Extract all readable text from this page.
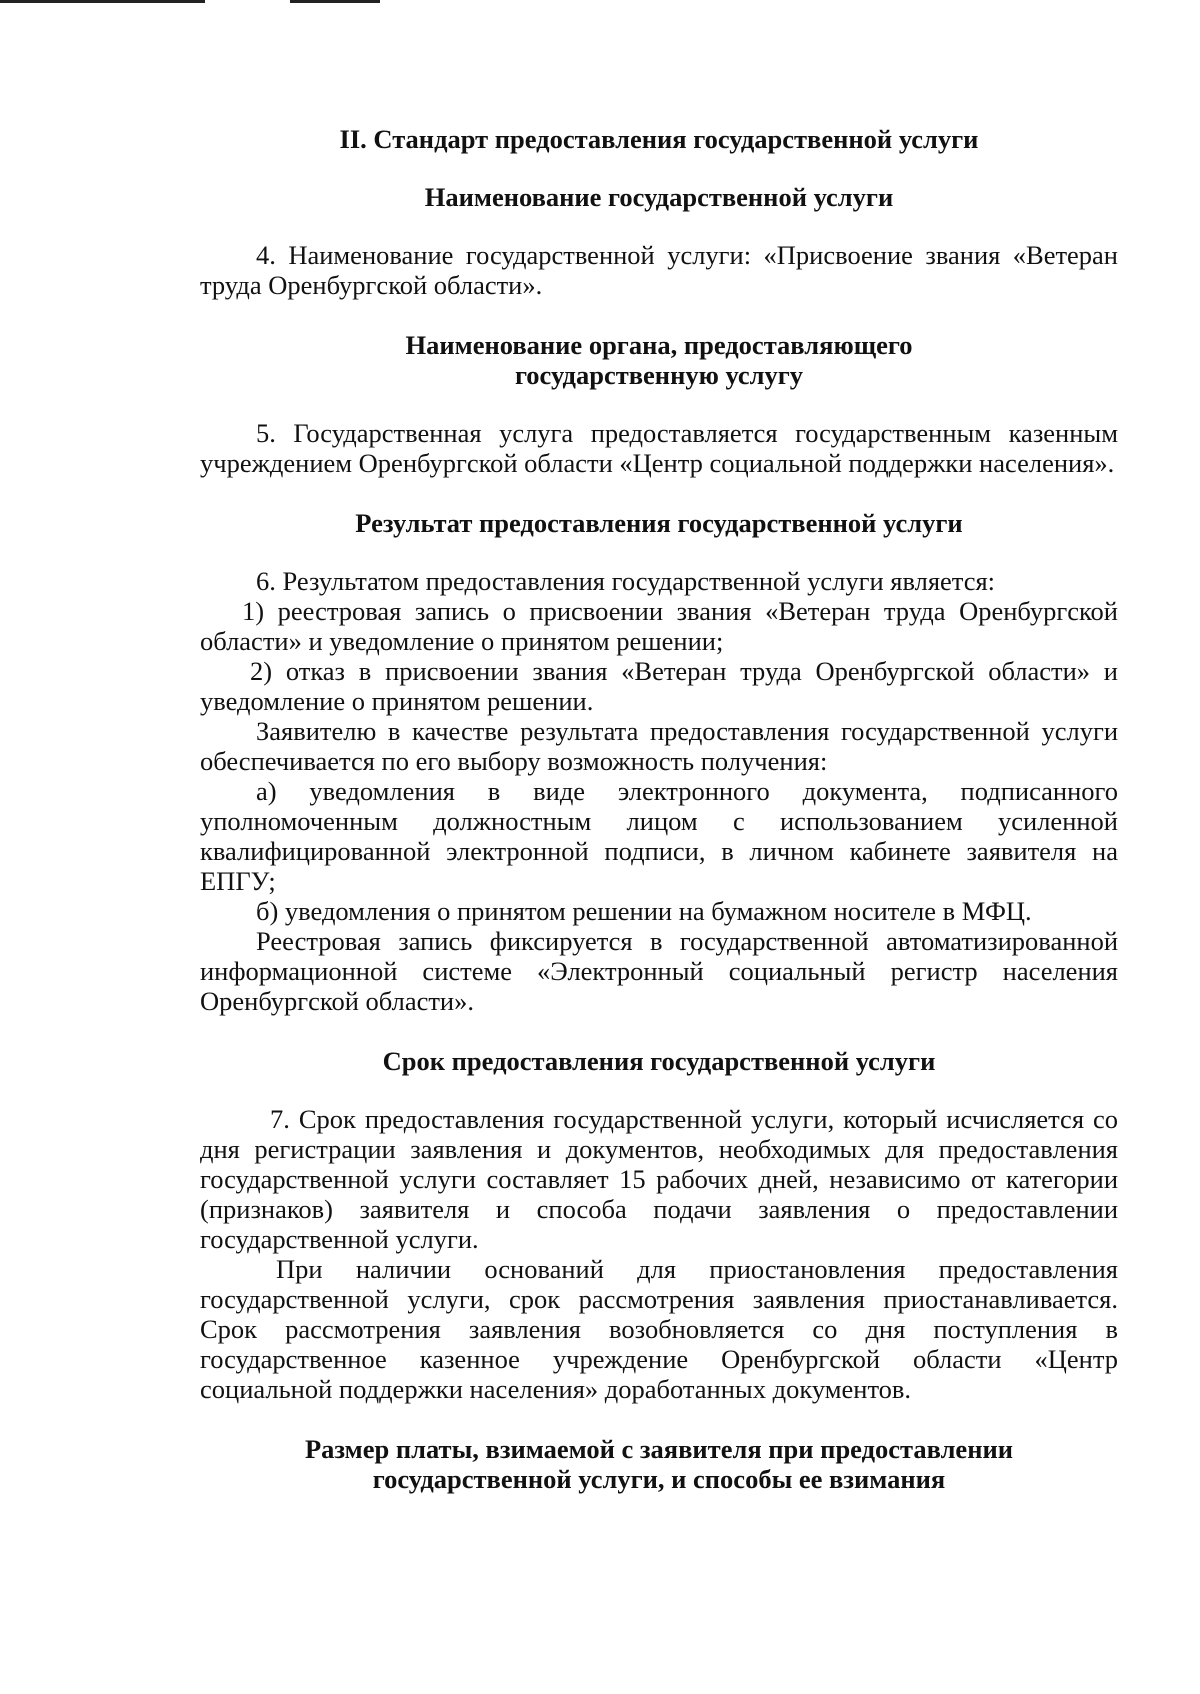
II. Стандарт предоставления государственной услуги

Наименование государственной услуги

4. Наименование государственной услуги: «Присвоение звания «Ветеран труда Оренбургской области».

Наименование органа, предоставляющего

государственную услугу

5. Государственная услуга предоставляется государственным казенным учреждением Оренбургской области «Центр социальной поддержки населения».

Результат предоставления государственной услуги

6. Результатом предоставления государственной услуги является:

1) реестровая запись о присвоении звания «Ветеран труда Оренбургской области» и уведомление о принятом решении;

2) отказ в присвоении звания «Ветеран труда Оренбургской области» и уведомление о принятом решении.

Заявителю в качестве результата предоставления государственной услуги обеспечивается по его выбору возможность получения:

а) уведомления в виде электронного документа, подписанного уполномоченным должностным лицом с использованием усиленной квалифицированной электронной подписи, в личном кабинете заявителя на ЕПГУ;

б) уведомления о принятом решении на бумажном носителе в МФЦ.

Реестровая запись фиксируется в государственной автоматизированной информационной системе «Электронный социальный регистр населения Оренбургской области».

Срок предоставления государственной услуги

7. Срок предоставления государственной услуги, который исчисляется со дня регистрации заявления и документов, необходимых для предоставления государственной услуги составляет 15 рабочих дней, независимо от категории (признаков) заявителя и способа подачи заявления о предоставлении государственной услуги.

При наличии оснований для приостановления предоставления государственной услуги, срок рассмотрения заявления приостанавливается. Срок рассмотрения заявления возобновляется со дня поступления в государственное казенное учреждение Оренбургской области «Центр социальной поддержки населения» доработанных документов.

Размер платы, взимаемой с заявителя при предоставлении

государственной услуги, и способы ее взимания
